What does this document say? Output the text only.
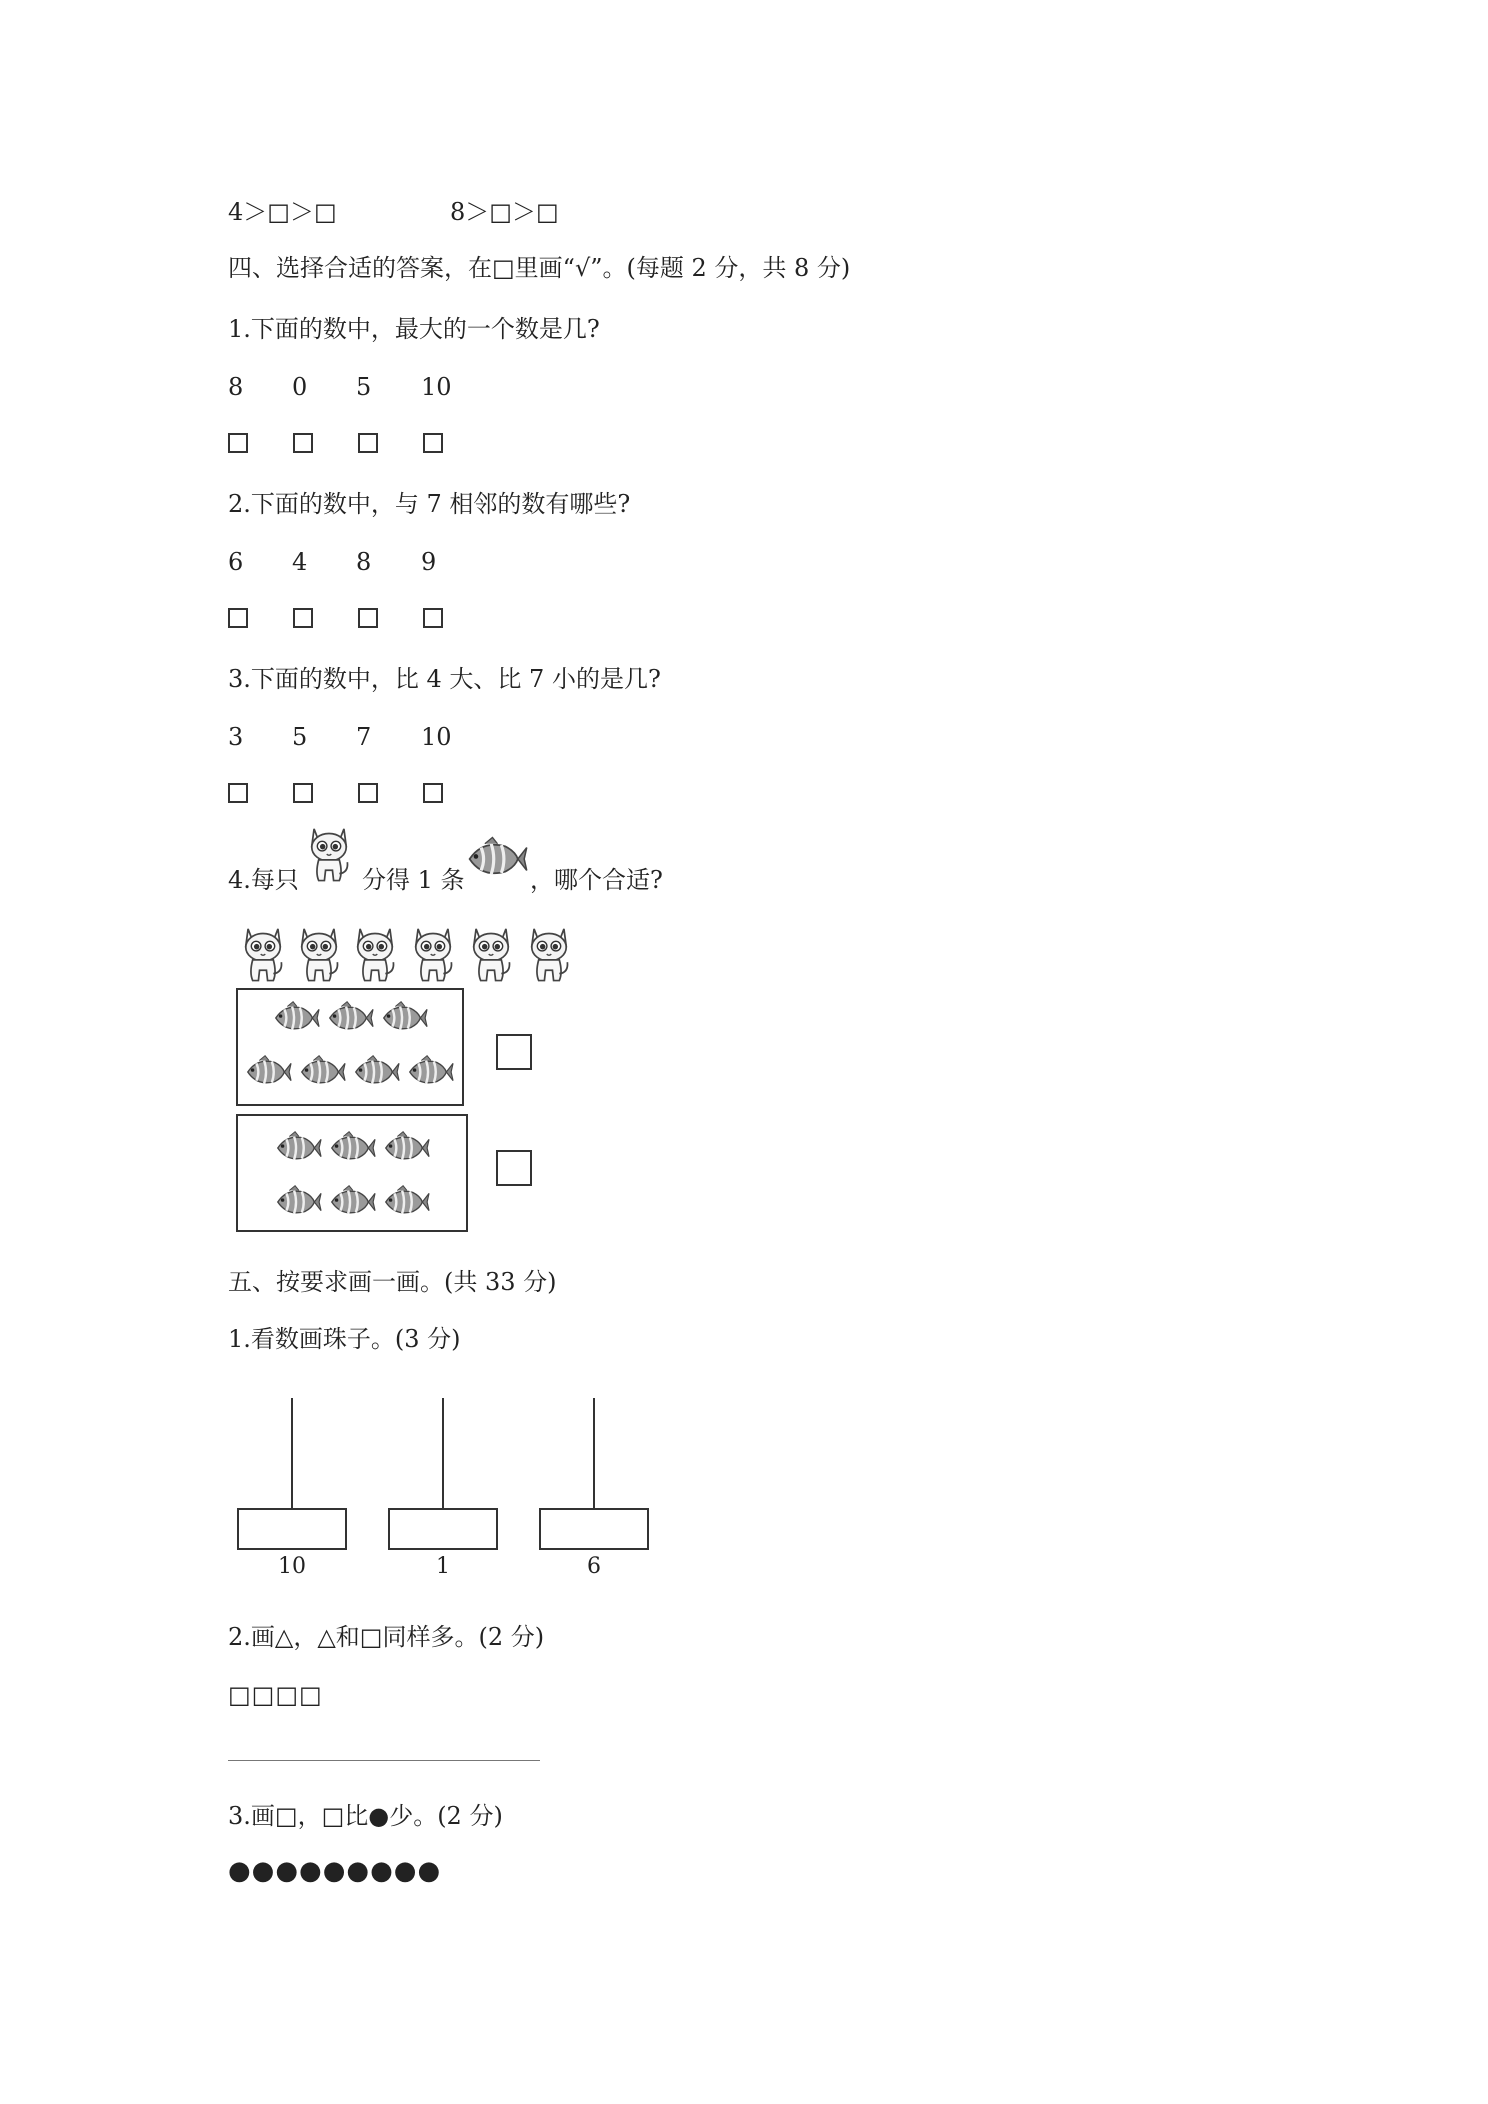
4＞□＞□	8＞□＞□
四、选择合适的答案，在□里画“√”。(每题 2 分，共 8 分)
1.下面的数中，最大的一个数是几?
8 0 5 10
2.下面的数中，与 7 相邻的数有哪些?
6 4 8 9
3.下面的数中，比 4 大、比 7 小的是几?
3 5 7 10
4.每只	分得 1 条	，哪个合适?
五、按要求画一画。(共 33 分)
1.看数画珠子。(3 分)
10	1	6
2.画△，△和□同样多。(2 分)
□□□□
3.画□，□比●少。(2 分)
●●●●●●●●●
